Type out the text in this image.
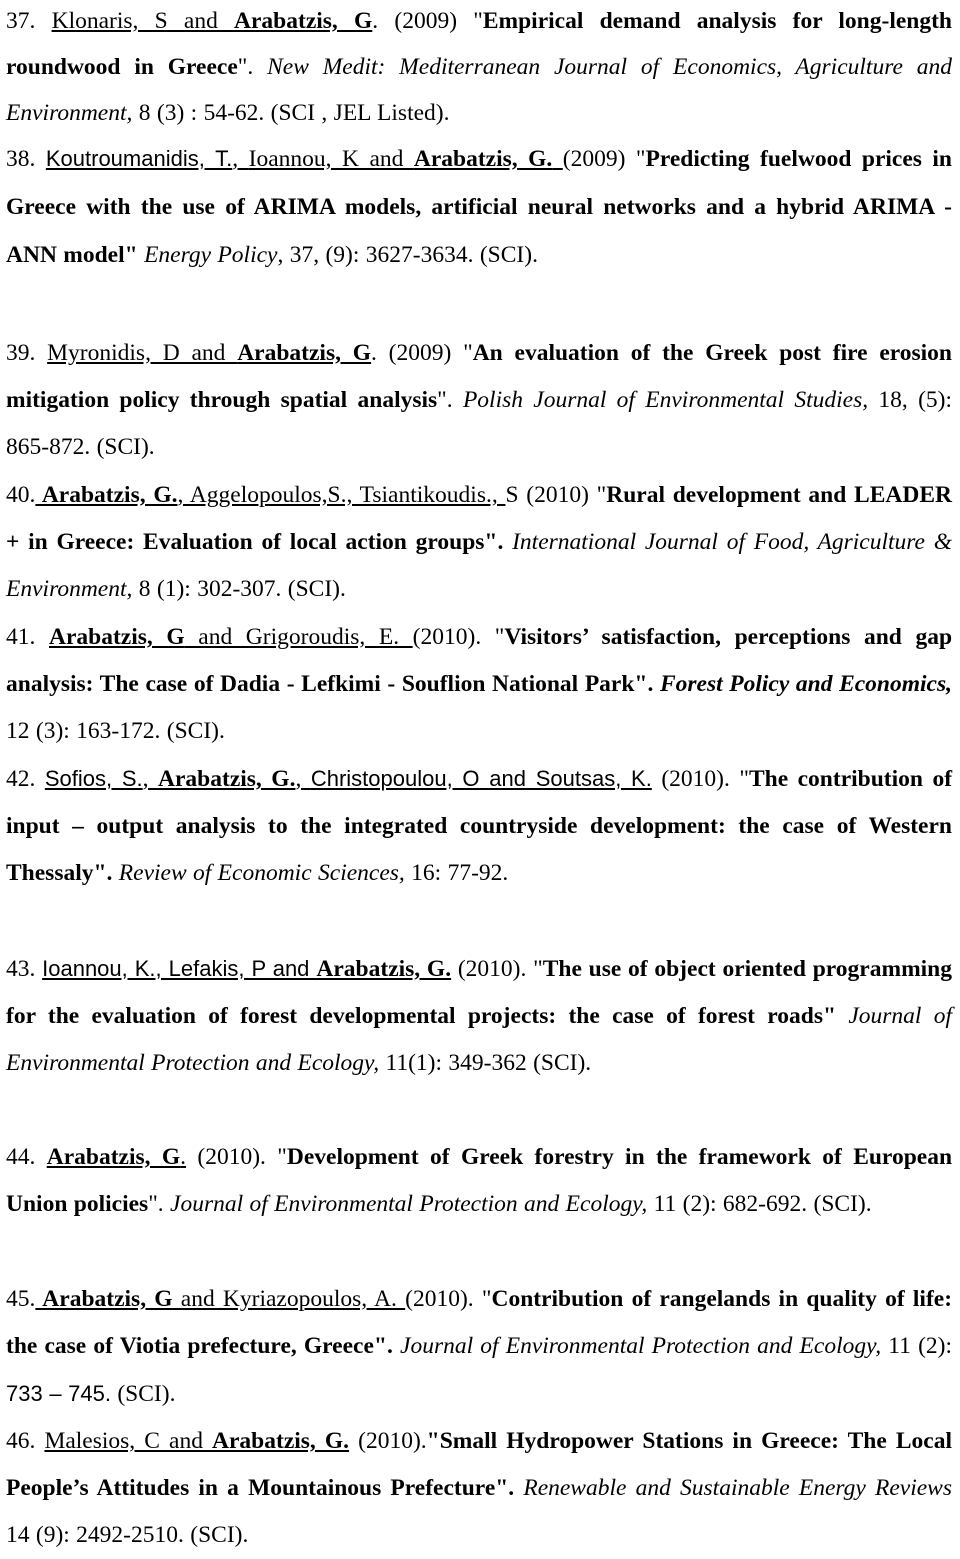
37. Klonaris, S and Arabatzis, G. (2009) "Empirical demand analysis for long-length roundwood in Greece". New Medit: Mediterranean Journal of Economics, Agriculture and Environment, 8 (3) : 54-62. (SCI , JEL Listed).

38. Koutroumanidis, T., Ioannou, K and Arabatzis, G. (2009) "Predicting fuelwood prices in Greece with the use of ARIMA models, artificial neural networks and a hybrid ARIMA - ANN model" Energy Policy, 37, (9): 3627-3634. (SCI).

39. Myronidis, D and Arabatzis, G. (2009) "An evaluation of the Greek post fire erosion mitigation policy through spatial analysis". Polish Journal of Environmental Studies, 18, (5): 865-872. (SCI).

40. Arabatzis, G., Aggelopoulos,S., Tsiantikoudis., S (2010) "Rural development and LEADER + in Greece: Evaluation of local action groups". International Journal of Food, Agriculture & Environment, 8 (1): 302-307. (SCI).

41. Arabatzis, G and Grigoroudis, E. (2010). "Visitors’ satisfaction, perceptions and gap analysis: The case of Dadia - Lefkimi - Souflion National Park". Forest Policy and Economics, 12 (3): 163-172. (SCI).

42. Sofios, S., Arabatzis, G., Christopoulou, O and Soutsas, K. (2010). "The contribution of input – output analysis to the integrated countryside development: the case of Western Thessaly". Review of Economic Sciences, 16: 77-92.

43. Ioannou, K., Lefakis, P and Arabatzis, G. (2010). "The use of object oriented programming for the evaluation of forest developmental projects: the case of forest roads" Journal of Environmental Protection and Ecology, 11(1): 349-362 (SCI).

44. Arabatzis, G. (2010). "Development of Greek forestry in the framework of European Union policies". Journal of Environmental Protection and Ecology, 11 (2): 682-692. (SCI).

45. Arabatzis, G and Kyriazopoulos, A. (2010). "Contribution of rangelands in quality of life: the case of Viotia prefecture, Greece". Journal of Environmental Protection and Ecology, 11 (2): 733 – 745. (SCI).

46. Malesios, C and Arabatzis, G. (2010)."Small Hydropower Stations in Greece: The Local People’s Attitudes in a Mountainous Prefecture". Renewable and Sustainable Energy Reviews 14 (9): 2492-2510. (SCI).
